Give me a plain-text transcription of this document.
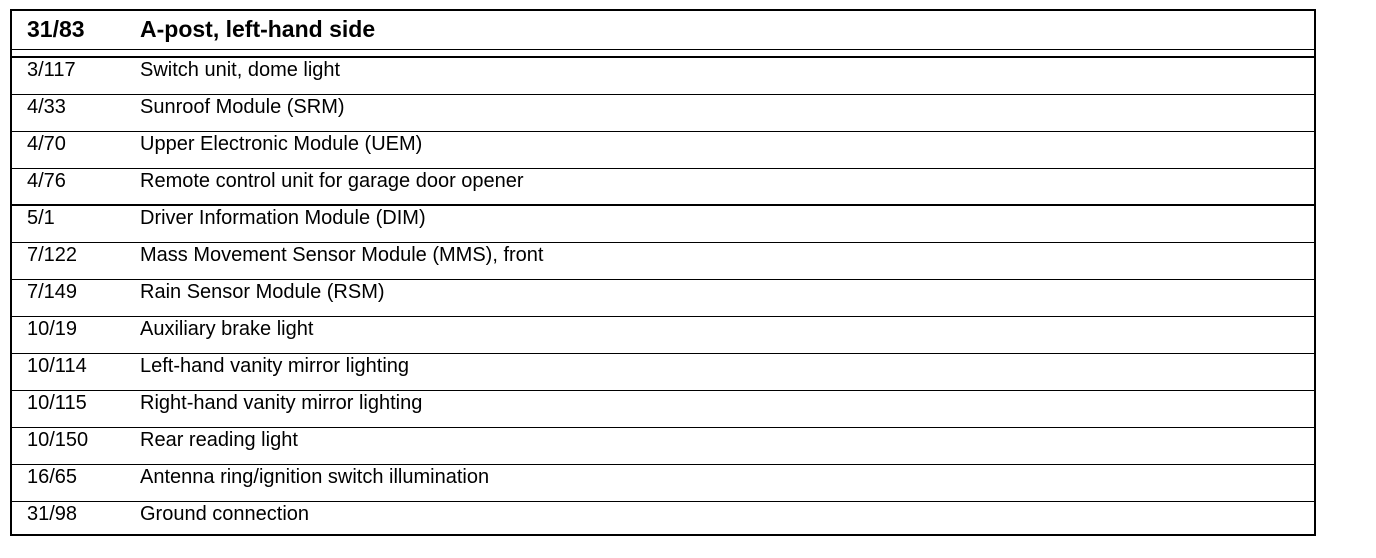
31/83 A-post, left-hand side
3/117	Switch unit, dome light
4/33	Sunroof Module (SRM)
4/70	Upper Electronic Module (UEM)
4/76	Remote control unit for garage door opener
5/1	Driver Information Module (DIM)
7/122	Mass Movement Sensor Module (MMS), front
7/149	Rain Sensor Module (RSM)
10/19	Auxiliary brake light
10/114	Left-hand vanity mirror lighting
10/115	Right-hand vanity mirror lighting
10/150	Rear reading light
16/65	Antenna ring/ignition switch illumination
31/98	Ground connection
